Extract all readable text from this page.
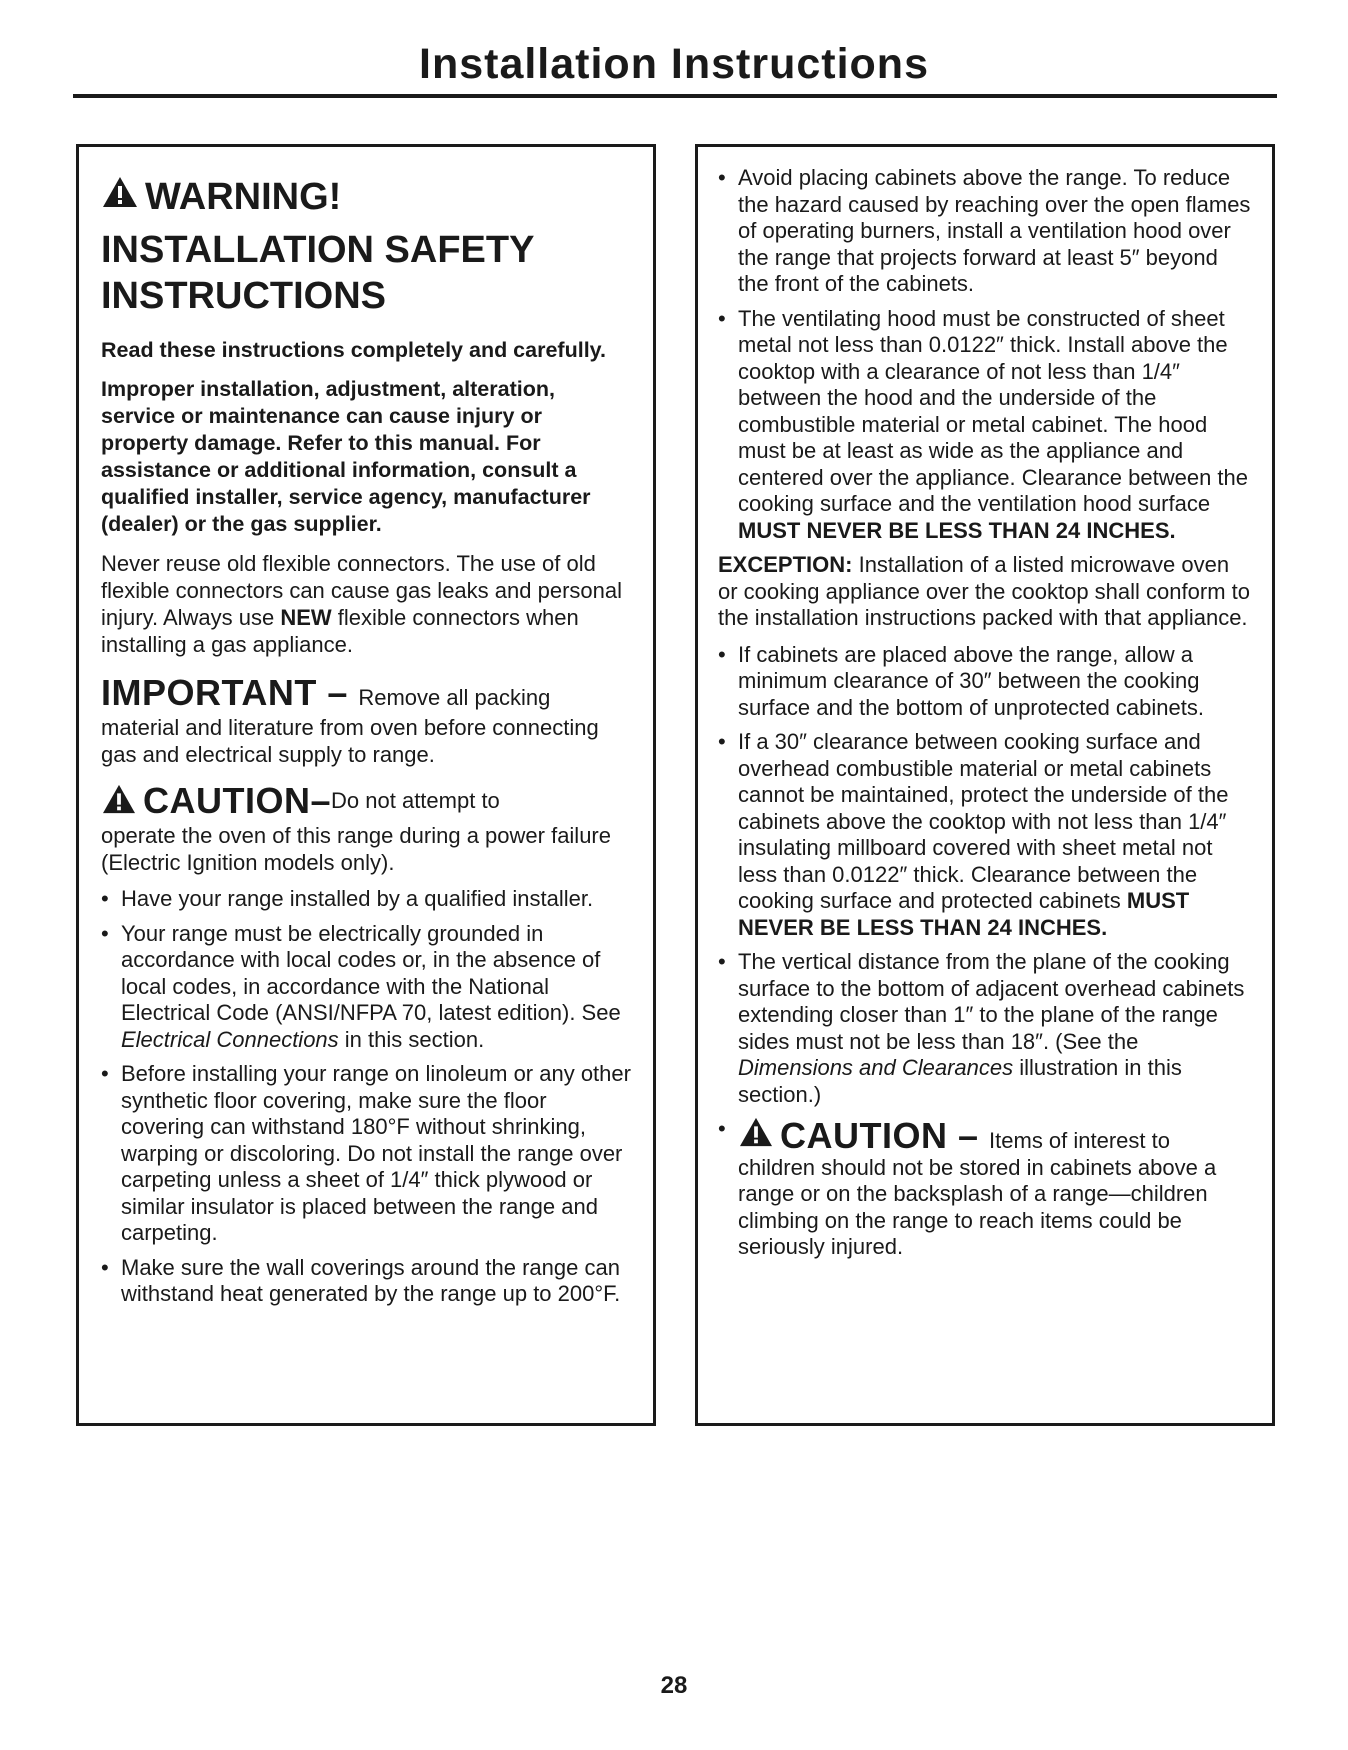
Installation Instructions
WARNING!
INSTALLATION SAFETY INSTRUCTIONS

Read these instructions completely and carefully.

Improper installation, adjustment, alteration, service or maintenance can cause injury or property damage. Refer to this manual. For assistance or additional information, consult a qualified installer, service agency, manufacturer (dealer) or the gas supplier.

Never reuse old flexible connectors. The use of old flexible connectors can cause gas leaks and personal injury. Always use NEW flexible connectors when installing a gas appliance.

IMPORTANT – Remove all packing

material and literature from oven before connecting gas and electrical supply to range.

CAUTION – Do not attempt to

operate the oven of this range during a power failure (Electric Ignition models only).

• Have your range installed by a qualified installer.
• Your range must be electrically grounded in accordance with local codes or, in the absence of local codes, in accordance with the National Electrical Code (ANSI/NFPA 70, latest edition). See Electrical Connections in this section.
• Before installing your range on linoleum or any other synthetic floor covering, make sure the floor covering can withstand 180°F without shrinking, warping or discoloring. Do not install the range over carpeting unless a sheet of 1/4″ thick plywood or similar insulator is placed between the range and carpeting.
• Make sure the wall coverings around the range can withstand heat generated by the range up to 200°F.
• Avoid placing cabinets above the range. To reduce the hazard caused by reaching over the open flames of operating burners, install a ventilation hood over the range that projects forward at least 5″ beyond the front of the cabinets.
• The ventilating hood must be constructed of sheet metal not less than 0.0122″ thick. Install above the cooktop with a clearance of not less than 1/4″ between the hood and the underside of the combustible material or metal cabinet. The hood must be at least as wide as the appliance and centered over the appliance. Clearance between the cooking surface and the ventilation hood surface MUST NEVER BE LESS THAN 24 INCHES.

EXCEPTION: Installation of a listed microwave oven or cooking appliance over the cooktop shall conform to the installation instructions packed with that appliance.

• If cabinets are placed above the range, allow a minimum clearance of 30″ between the cooking surface and the bottom of unprotected cabinets.
• If a 30″ clearance between cooking surface and overhead combustible material or metal cabinets cannot be maintained, protect the underside of the cabinets above the cooktop with not less than 1/4″ insulating millboard covered with sheet metal not less than 0.0122″ thick. Clearance between the cooking surface and protected cabinets MUST NEVER BE LESS THAN 24 INCHES.
• The vertical distance from the plane of the cooking surface to the bottom of adjacent overhead cabinets extending closer than 1″ to the plane of the range sides must not be less than 18″. (See the Dimensions and Clearances illustration in this section.)
• CAUTION – Items of interest to
children should not be stored in cabinets above a range or on the backsplash of a range—children climbing on the range to reach items could be seriously injured.
28
